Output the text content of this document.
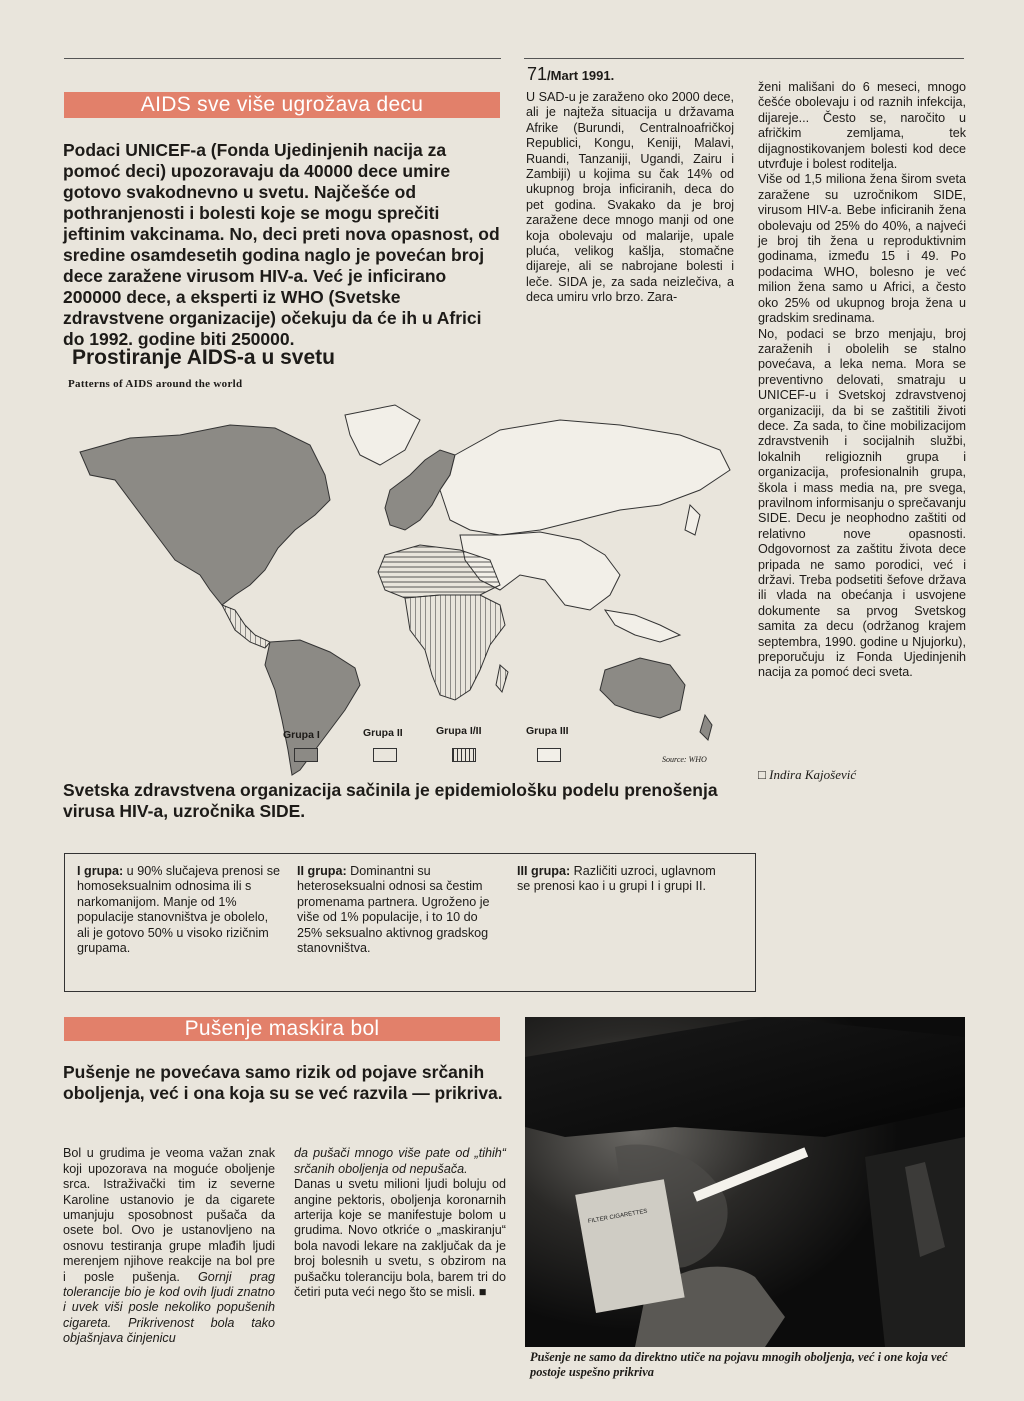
71/Mart 1991.
AIDS sve više ugrožava decu
Podaci UNICEF-a (Fonda Ujedinjenih nacija za pomoć deci) upozoravaju da 40000 dece umire gotovo svakodnevno u svetu. Najčešće od pothranjenosti i bolesti koje se mogu sprečiti jeftinim vakcinama. No, deci preti nova opasnost, od sredine osamdesetih godina naglo je povećan broj dece zaražene virusom HIV-a. Već je inficirano 200000 dece, a eksperti iz WHO (Svetske zdravstvene organizacije) očekuju da će ih u Africi do 1992. godine biti 250000.
U SAD-u je zaraženo oko 2000 dece, ali je najteža situacija u državama Afrike (Burundi, Centralnoafričkoj Republici, Kongu, Keniji, Malavi, Ruandi, Tanzaniji, Ugandi, Zairu i Zambiji) u kojima su čak 14% od ukupnog broja inficiranih, deca do pet godina. Svakako da je broj zaražene dece mnogo manji od one koja obolevaju od malarije, upale pluća, velikog kašlja, stomačne dijareje, ali se nabrojane bolesti i leče. SIDA je, za sada neizlečiva, a deca umiru vrlo brzo. Zara-
ženi mališani do 6 meseci, mnogo češće obolevaju i od raznih infekcija, dijareje... Često se, naročito u afričkim zemljama, tek dijagnostikovanjem bolesti kod dece utvrđuje i bolest roditelja.
Više od 1,5 miliona žena širom sveta zaražene su uzročnikom SIDE, virusom HIV-a. Bebe inficiranih žena obolevaju od 25% do 40%, a najveći je broj tih žena u reproduktivnim godinama, između 15 i 49. Po podacima WHO, bolesno je već milion žena samo u Africi, a često oko 25% od ukupnog broja žena u gradskim sredinama.
No, podaci se brzo menjaju, broj zaraženih i obolelih se stalno povećava, a leka nema. Mora se preventivno delovati, smatraju u UNICEF-u i Svetskoj zdravstvenoj organizaciji, da bi se zaštitili životi dece. Za sada, to čine mobilizacijom zdravstvenih i socijalnih službi, lokalnih religioznih grupa i organizacija, profesionalnih grupa, škola i mass media na, pre svega, pravilnom informisanju o sprečavanju SIDE. Decu je neophodno zaštiti od relativno nove opasnosti. Odgovornost za zaštitu života dece pripada ne samo porodici, već i državi. Treba podsetiti šefove država ili vlada na obećanja i usvojene dokumente sa prvog Svetskog samita za decu (održanog krajem septembra, 1990. godine u Njujorku), preporučuju iz Fonda Ujedinjenih nacija za pomoć deci sveta.
□ Indira Kajošević
Prostiranje AIDS-a u svetu
Patterns of AIDS around the world
Grupa I	Grupa II	Grupa I/II	Grupa III
Source: WHO
Svetska zdravstvena organizacija sačinila je epidemiološku podelu prenošenja virusa HIV-a, uzročnika SIDE.
I grupa: u 90% slučajeva prenosi se homoseksualnim odnosima ili s narkomanijom. Manje od 1% populacije stanovništva je obolelo, ali je gotovo 50% u visoko rizičnim grupama.
II grupa: Dominantni su heteroseksualni odnosi sa čestim promenama partnera. Ugroženo je više od 1% populacije, i to 10 do 25% seksualno aktivnog gradskog stanovništva.
III grupa: Različiti uzroci, uglavnom se prenosi kao i u grupi I i grupi II.
Pušenje maskira bol
Pušenje ne povećava samo rizik od pojave srčanih oboljenja, već i ona koja su se već razvila — prikriva.

Bol u grudima je veoma važan znak koji upozorava na moguće oboljenje srca. Istraživački tim iz severne Karoline ustanovio je da cigarete umanjuju sposobnost pušača da osete bol. Ovo je ustanovljeno na osnovu testiranja grupe mlađih ljudi merenjem njihove reakcije na bol pre i posle pušenja. Gornji prag tolerancije bio je kod ovih ljudi znatno i uvek viši posle nekoliko popušenih cigareta. Prikrivenost bola tako objašnjava činjenicu

da pušači mnogo više pate od „tihih“ srčanih oboljenja od nepušača.
Danas u svetu milioni ljudi boluju od angine pektoris, oboljenja koronarnih arterija koje se manifestuje bolom u grudima. Novo otkriće o „maskiranju“ bola navodi lekare na zaključak da je broj bolesnih u svetu, s obzirom na pušačku toleranciju bola, barem tri do četiri puta veći nego što se misli. ■

FILTER CIGARETTES
Pušenje ne samo da direktno utiče na pojavu mnogih oboljenja, već i one koja već postoje uspešno prikriva
